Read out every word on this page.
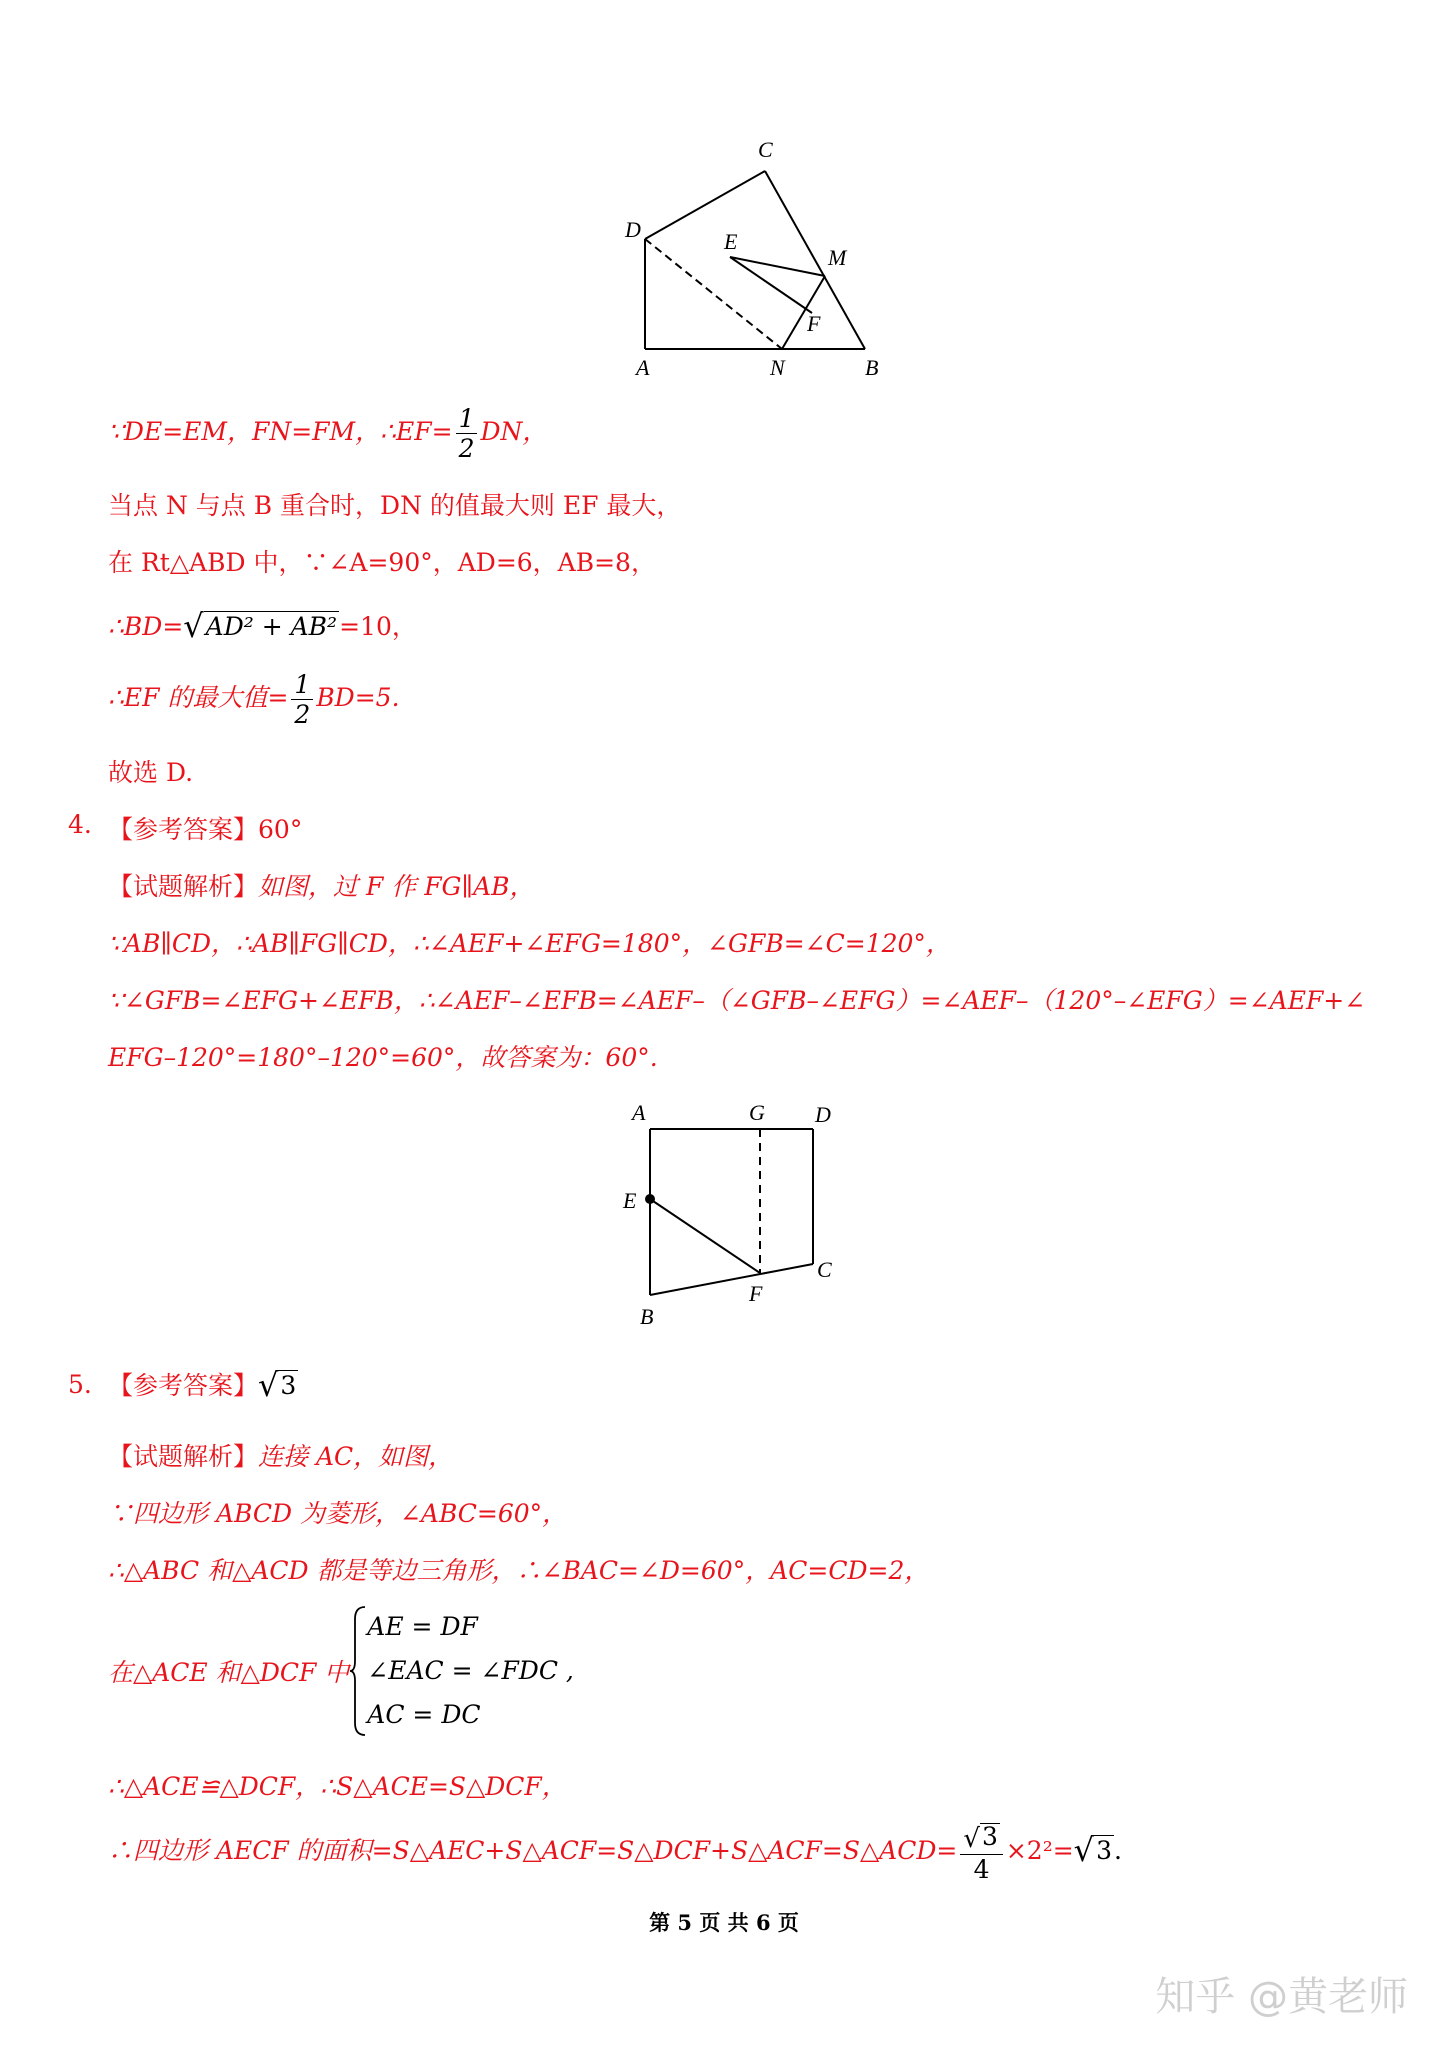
C
D	E
M
F
A	N	B
∵DE=EM，FN=FM，∴EF= $\frac{1}{2}$ DN，
当点 N 与点 B 重合时，DN 的值最大则 EF 最大，
在 Rt△ABD 中，∵∠A=90°，AD=6，AB=8，
∴BD=√AD² + AB²=10，
∴EF 的最大值= $\frac{1}{2} BD=5$.
故选 D.
4. 【参考答案】60°
【试题解析】如图，过 F 作 FG∥AB，
∵AB∥CD，∴AB∥FG∥CD，∴∠AEF+∠EFG=180°，∠GFB=∠C=120°，
∵∠GFB=∠EFG+∠EFB，∴∠AEF–∠EFB=∠AEF–（∠GFB–∠EFG）=∠AEF–（120°–∠EFG）=∠AEF+∠
EFG–120°=180°–120°=60°，故答案为：60°.
A	G D
E
C
F
B
5. 【参考答案】√3
【试题解析】连接 AC，如图，
∵四边形 ABCD 为菱形，∠ABC=60°，
∴△ABC 和△ACD 都是等边三角形，∴∠BAC=∠D=60°，AC=CD=2，
在△ACE 和△DCF 中
AE = DF
∠EAC = ∠FDC ,
AC = DC
∴△ACE≌△DCF，∴S△ACE=S△DCF，
∴四边形 AECF 的面积=S△AEC+S△ACF=S△DCF+S△ACF=S△ACD= $\frac{√3}{4} \times 2^2=√3$.
第 5 页 共 6 页
知乎 @黄老师
